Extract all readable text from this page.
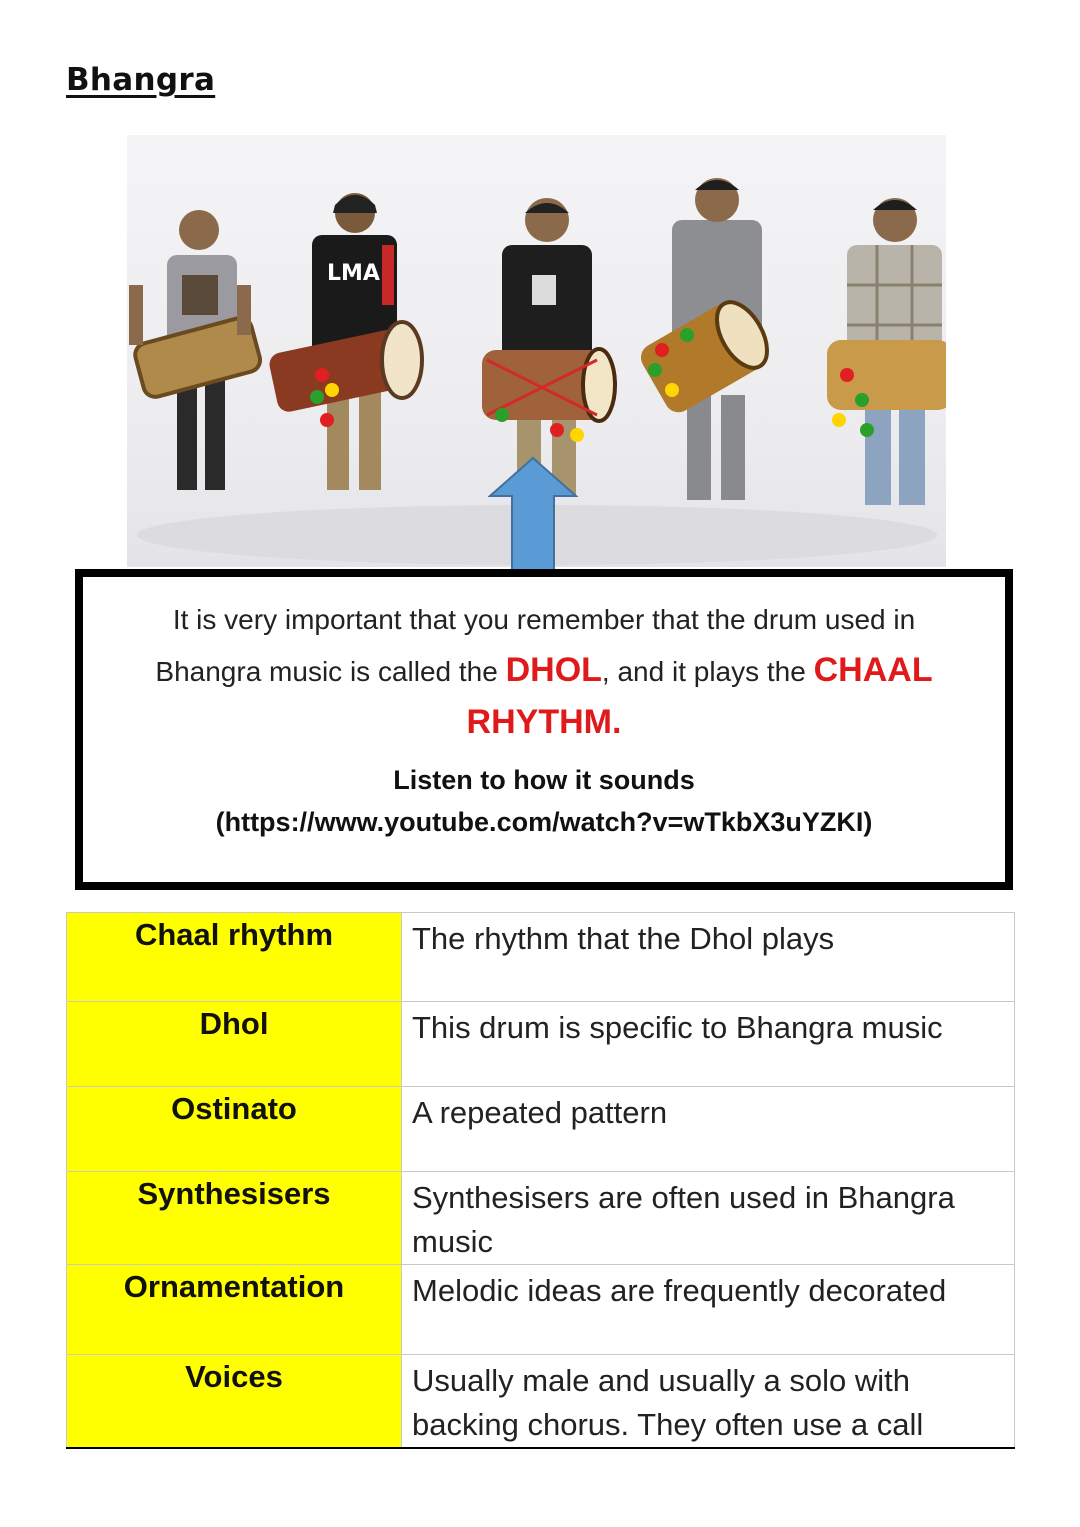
Bhangra
LMA
It is very important that you remember that the drum used in Bhangra music is called the DHOL, and it plays the CHAAL RHYTHM.
Listen to how it sounds
(https://www.youtube.com/watch?v=wTkbX3uYZKI)
Chaal rhythm	The rhythm that the Dhol plays
Dhol	This drum is specific to Bhangra music
Ostinato	A repeated pattern
Synthesisers	Synthesisers are often used in Bhangra music
Ornamentation	Melodic ideas are frequently decorated
Voices	Usually male and usually a solo with backing chorus. They often use a call
